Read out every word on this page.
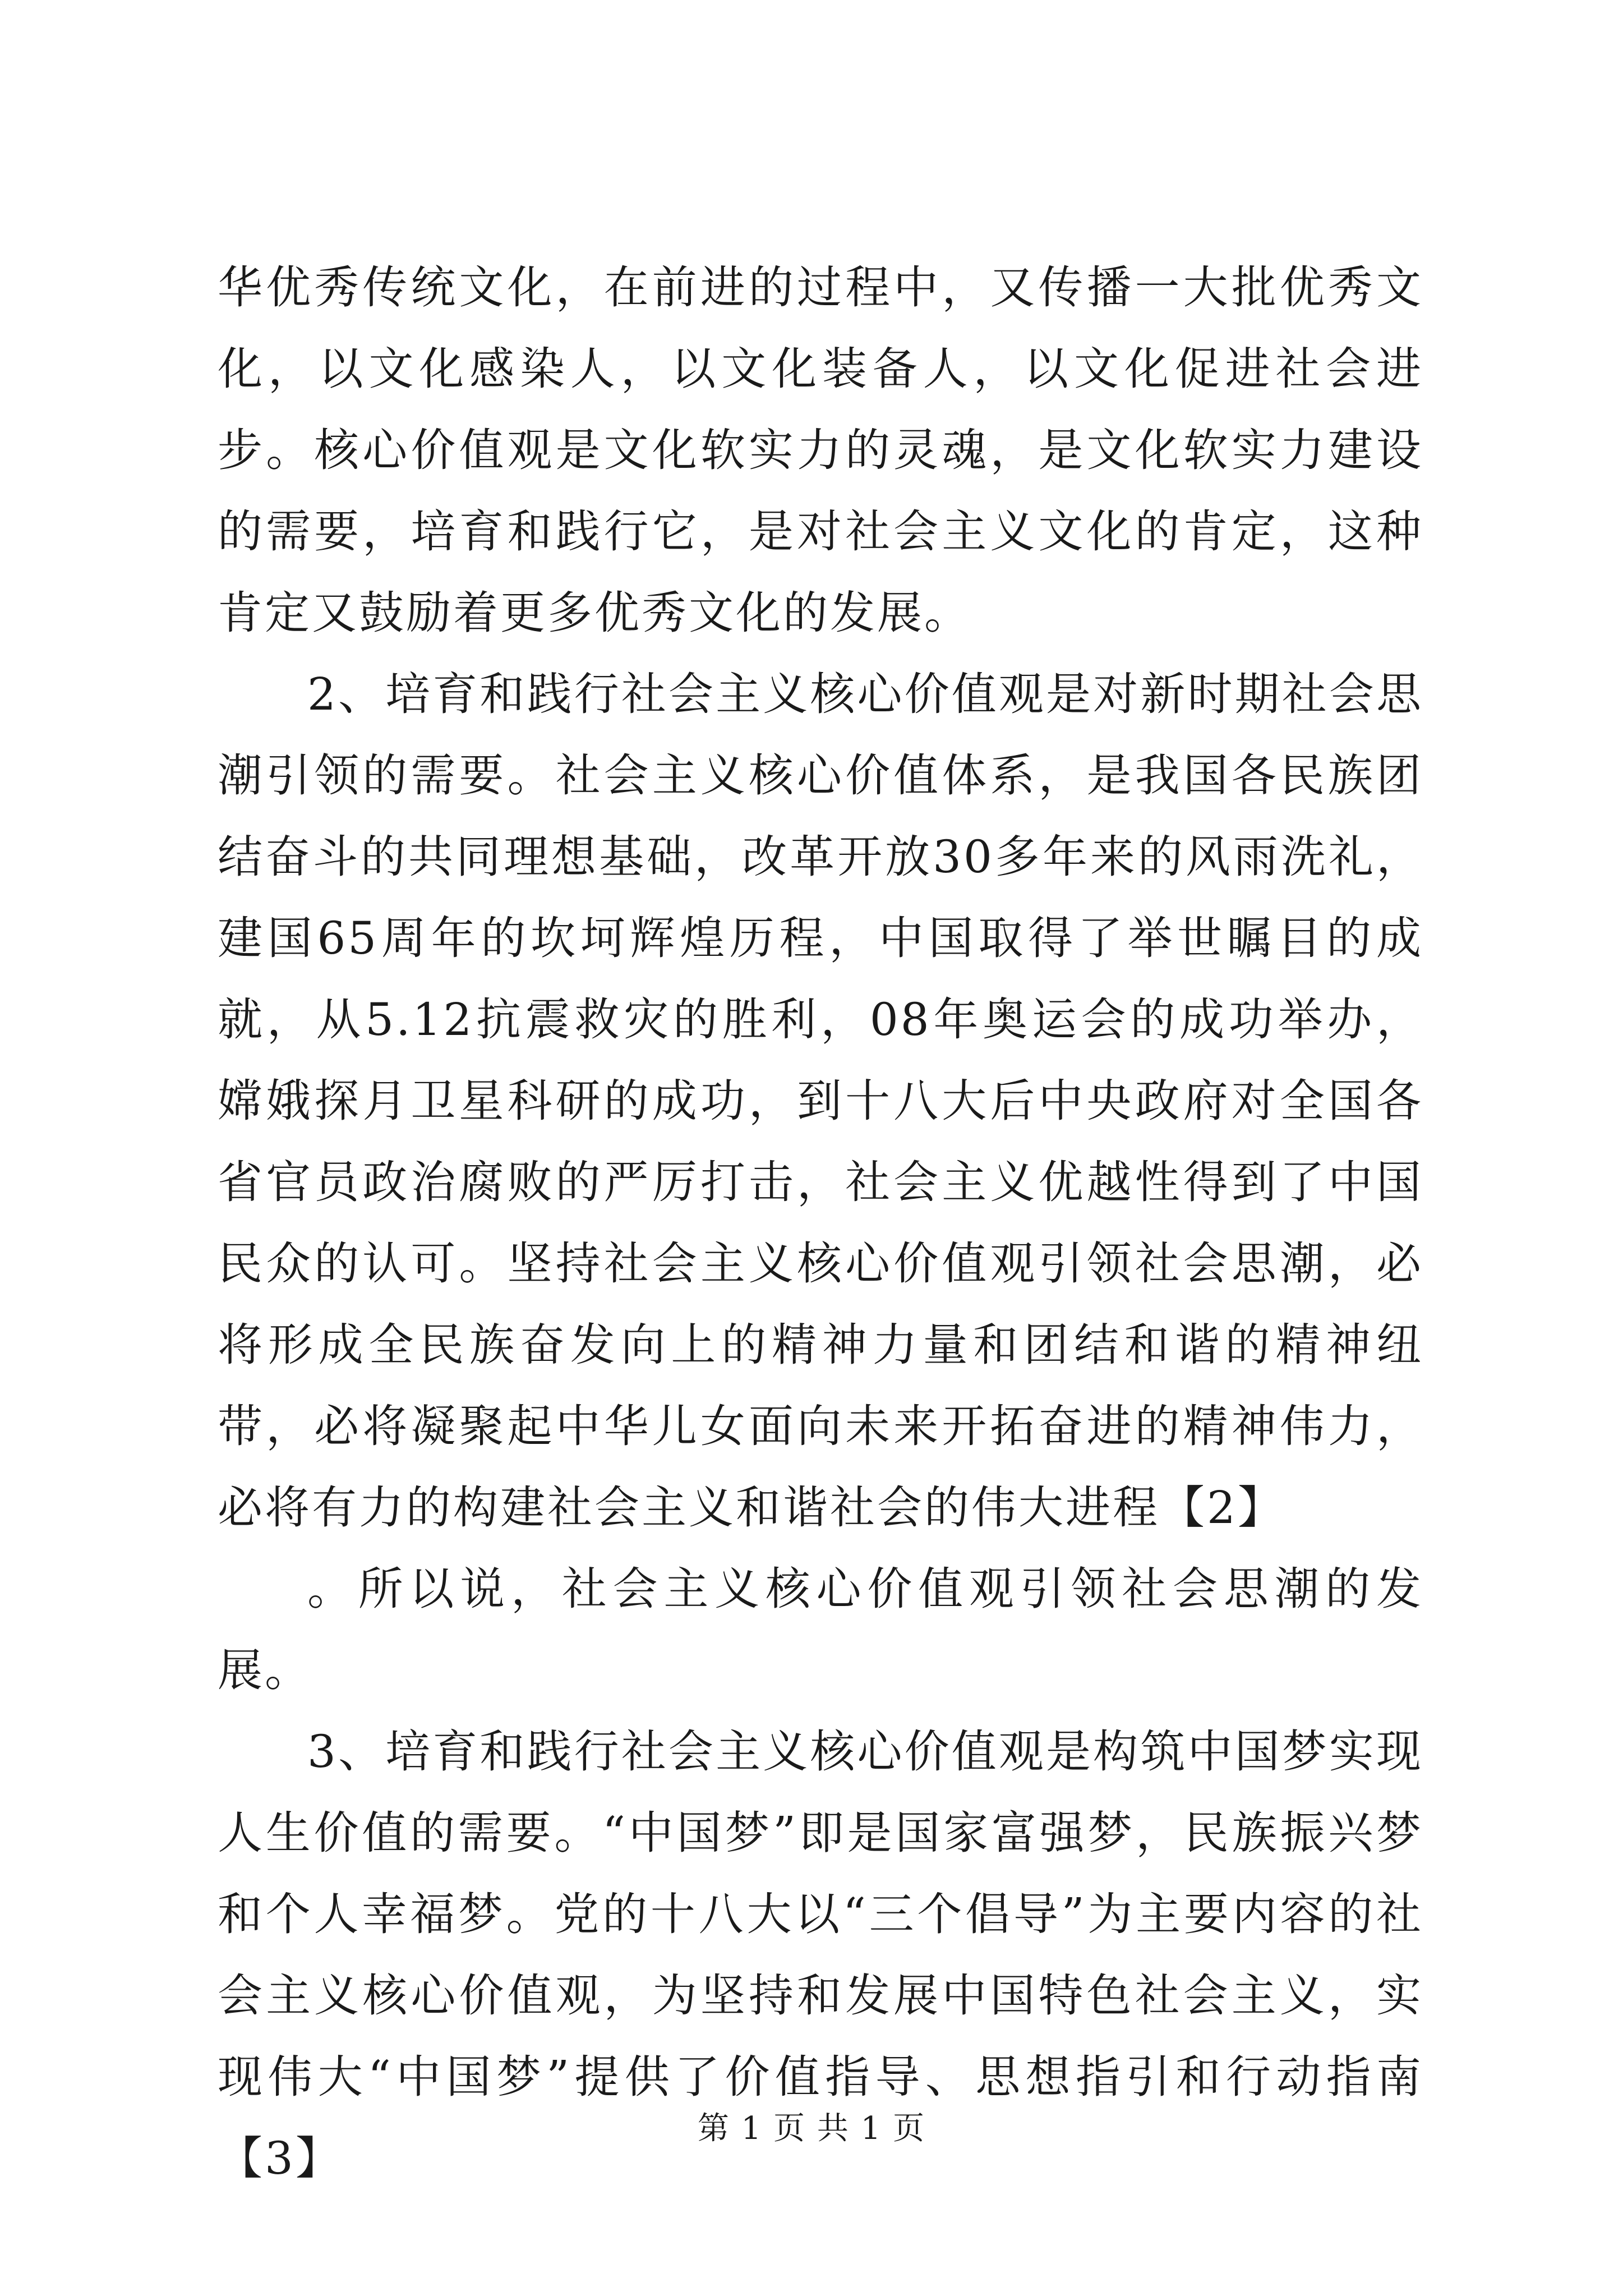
华优秀传统文化，在前进的过程中，又传播一大批优秀文化，以文化感染人，以文化装备人，以文化促进社会进步。核心价值观是文化软实力的灵魂，是文化软实力建设的需要，培育和践行它，是对社会主义文化的肯定，这种肯定又鼓励着更多优秀文化的发展。

2、培育和践行社会主义核心价值观是对新时期社会思潮引领的需要。社会主义核心价值体系，是我国各民族团结奋斗的共同理想基础，改革开放30多年来的风雨洗礼，建国65周年的坎坷辉煌历程，中国取得了举世瞩目的成就，从5.12抗震救灾的胜利，08年奥运会的成功举办，嫦娥探月卫星科研的成功，到十八大后中央政府对全国各省官员政治腐败的严厉打击，社会主义优越性得到了中国民众的认可。坚持社会主义核心价值观引领社会思潮，必将形成全民族奋发向上的精神力量和团结和谐的精神纽带，必将凝聚起中华儿女面向未来开拓奋进的精神伟力，必将有力的构建社会主义和谐社会的伟大进程【2】

。所以说，社会主义核心价值观引领社会思潮的发展。

3、培育和践行社会主义核心价值观是构筑中国梦实现人生价值的需要。“中国梦”即是国家富强梦，民族振兴梦和个人幸福梦。党的十八大以“三个倡导”为主要内容的社会主义核心价值观，为坚持和发展中国特色社会主义，实现伟大“中国梦”提供了价值指导、思想指引和行动指南【3】

第 1 页 共 1 页
